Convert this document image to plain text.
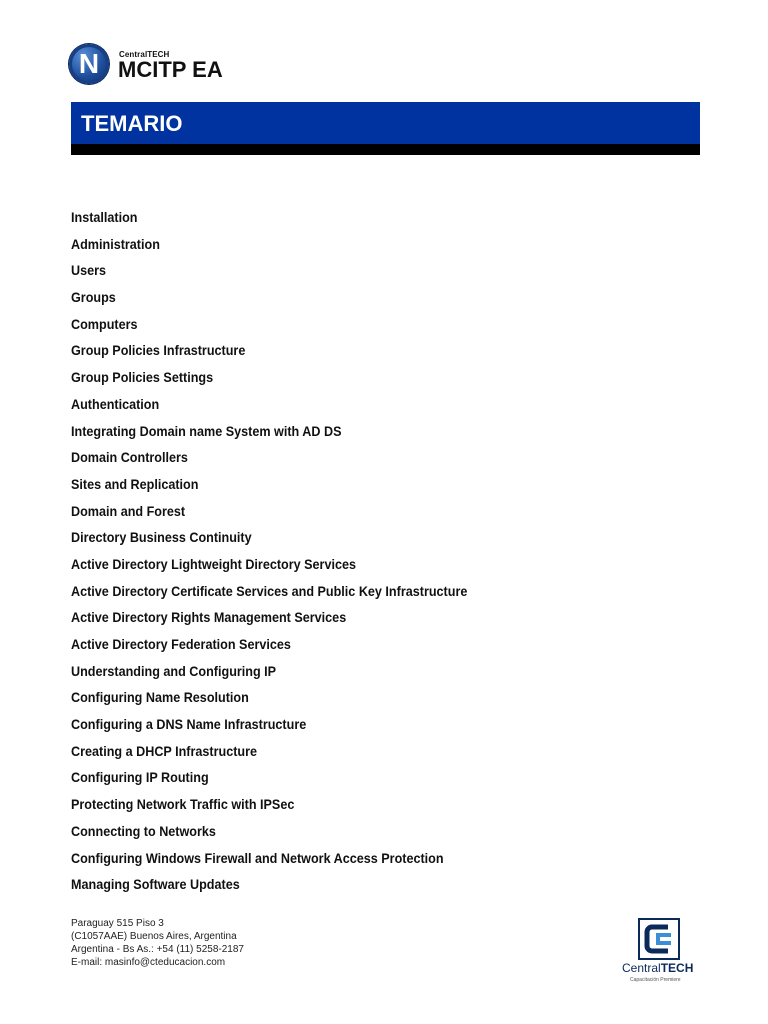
N	CentralTECH
MCITP EA
TEMARIO
Installation
Administration
Users
Groups
Computers
Group Policies Infrastructure
Group Policies Settings
Authentication
Integrating Domain name System with AD DS
Domain Controllers
Sites and Replication
Domain and Forest
Directory Business Continuity
Active Directory Lightweight Directory Services
Active Directory Certificate Services and Public Key Infrastructure
Active Directory Rights Management Services
Active Directory Federation Services
Understanding and Configuring IP
Configuring Name Resolution
Configuring a DNS Name Infrastructure
Creating a DHCP Infrastructure
Configuring IP Routing
Protecting Network Traffic with IPSec
Connecting to Networks
Configuring Windows Firewall and Network Access Protection
Managing Software Updates
Paraguay 515 Piso 3
(C1057AAE) Buenos Aires, Argentina
Argentina - Bs As.: +54 (11) 5258-2187
E-mail: masinfo@cteducacion.com	CentralTECH
Capacitación Premiere
